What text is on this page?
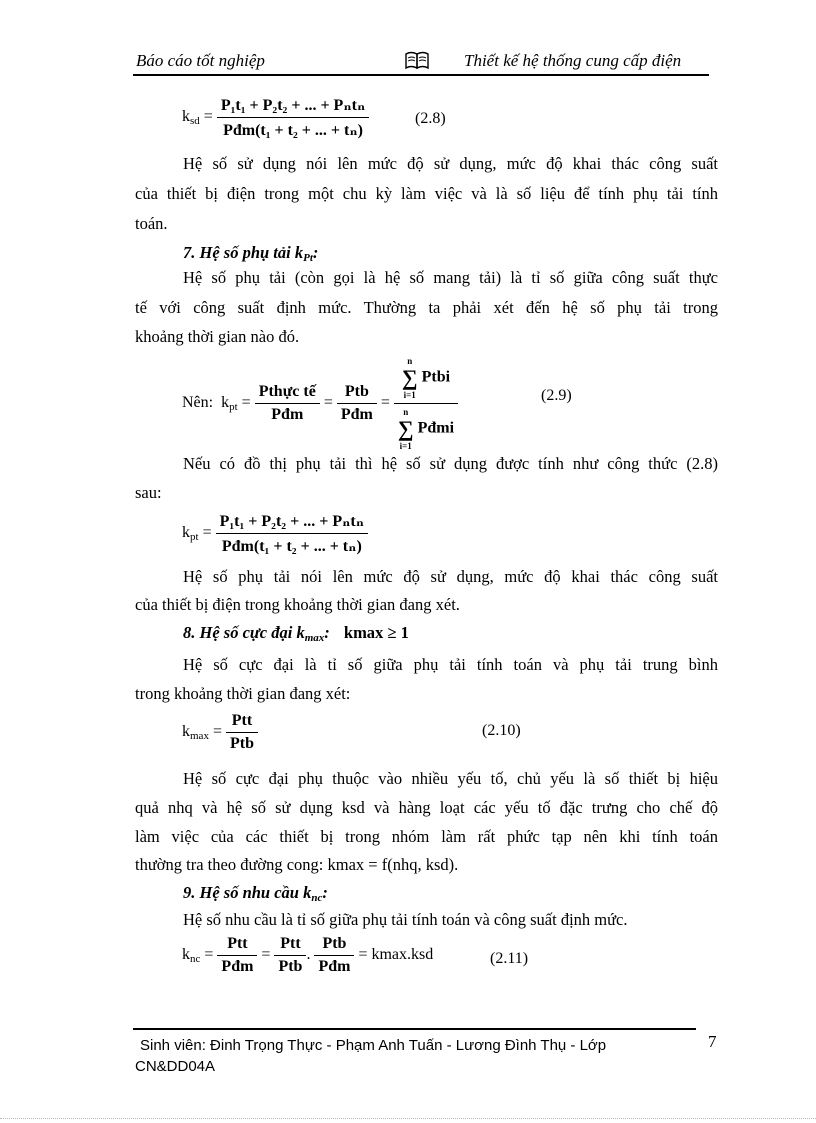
Báo cáo tốt nghiệp	Thiết kế hệ thống cung cấp điện
$k_{sd} = \frac{\text{P₁t₁ + P₂t₂ + ... + Pₙtₙ}}{\text{Pđm(t₁ + t₂ + ... + tₙ)}}$	(2.8)
Hệ số sử dụng nói lên mức độ sử dụng, mức độ khai thác công suất
của thiết bị điện trong một chu kỳ làm việc và là số liệu để tính phụ tải tính
toán.
7. Hệ số phụ tải $k_{Pt}$:
Hệ số phụ tải (còn gọi là hệ số mang tải) là tỉ số giữa công suất thực
tế với công suất định mức. Thường ta phải xét đến hệ số phụ tải trong
khoảng thời gian nào đó.
Nên: $k_{pt} = \frac{\text{Pthực tế}}{\text{Pđm}} = \frac{\text{Ptb}}{\text{Pđm}} = n$
∑
i=1
Ptbi
n
∑
i=1
Pđmi	(2.9)
Nếu có đồ thị phụ tải thì hệ số sử dụng được tính như công thức (2.8)
sau:
$k_{pt} = \frac{\text{P₁t₁ + P₂t₂ + ... + Pₙtₙ}}{\text{Pđm(t₁ + t₂ + ... + tₙ)}}$
Hệ số phụ tải nói lên mức độ sử dụng, mức độ khai thác công suất
của thiết bị điện trong khoảng thời gian đang xét.
8. Hệ số cực đại $k_{max}$: kmax ≥ 1
Hệ số cực đại là tỉ số giữa phụ tải tính toán và phụ tải trung bình
trong khoảng thời gian đang xét:
$k_{max} = \frac{\text{Ptt}}{\text{Ptb}}$	(2.10)
Hệ số cực đại phụ thuộc vào nhiều yếu tố, chủ yếu là số thiết bị hiệu
quả nhq và hệ số sử dụng ksd và hàng loạt các yếu tố đặc trưng cho chế độ
làm việc của các thiết bị trong nhóm làm rất phức tạp nên khi tính toán
thường tra theo đường cong: kmax = f(nhq, ksd).
9. Hệ số nhu cầu $k_{nc}$:
Hệ số nhu cầu là tỉ số giữa phụ tải tính toán và công suất định mức.
$k_{nc} = \frac{\text{Ptt}}{\text{Pđm}} = \frac{\text{Ptt}}{\text{Ptb}}$ . $\frac{\text{Ptb}}{\text{Pđm}} = kmax.ksd$	(2.11)
Sinh viên: Đinh Trọng Thực - Phạm Anh Tuấn - Lương Đình Thụ - Lớp
CN&DD04A
7
